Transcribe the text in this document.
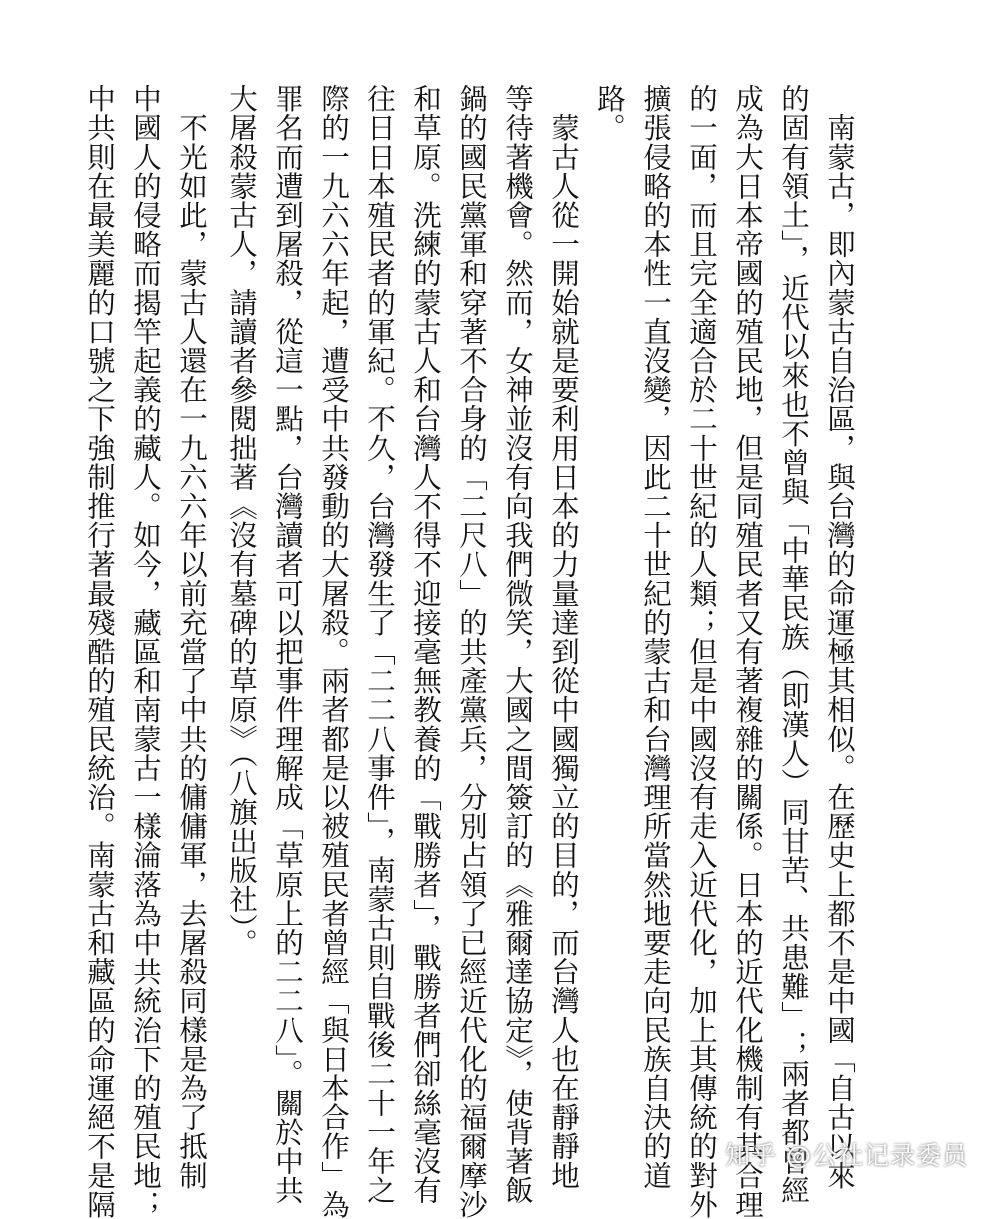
　南蒙古，即內蒙古自治區，與台灣的命運極其相似。在歷史上都不是中國「自古以來
的固有領土」，近代以來也不曾與「中華民族（即漢人）同甘苦、共患難」；兩者都曾經
成為大日本帝國的殖民地，但是同殖民者又有著複雜的關係。日本的近代化機制有其合理
的一面，而且完全適合於二十世紀的人類；但是中國沒有走入近代化，加上其傳統的對外
擴張侵略的本性一直沒變，因此二十世紀的蒙古和台灣理所當然地要走向民族自決的道
路。
　蒙古人從一開始就是要利用日本的力量達到從中國獨立的目的，而台灣人也在靜靜地
等待著機會。然而，女神並沒有向我們微笑，大國之間簽訂的《雅爾達協定》，使背著飯
鍋的國民黨軍和穿著不合身的「二尺八」的共產黨兵，分別占領了已經近代化的福爾摩沙
和草原。洗練的蒙古人和台灣人不得不迎接毫無教養的「戰勝者」，戰勝者們卻絲毫沒有
往日日本殖民者的軍紀。不久，台灣發生了「二二八事件」，南蒙古則自戰後二十一年之
際的一九六六年起，遭受中共發動的大屠殺。兩者都是以被殖民者曾經「與日本合作」為
罪名而遭到屠殺，從這一點，台灣讀者可以把事件理解成「草原上的二二八」。關於中共
大屠殺蒙古人，請讀者參閱拙著《沒有墓碑的草原》（八旗出版社）。
　不光如此，蒙古人還在一九六六年以前充當了中共的傭傭軍，去屠殺同樣是為了抵制
中國人的侵略而揭竿起義的藏人。如今，藏區和南蒙古一樣淪落為中共統治下的殖民地；
中共則在最美麗的口號之下強制推行著最殘酷的殖民統治。南蒙古和藏區的命運絕不是隔	知乎 @公社记录委员
